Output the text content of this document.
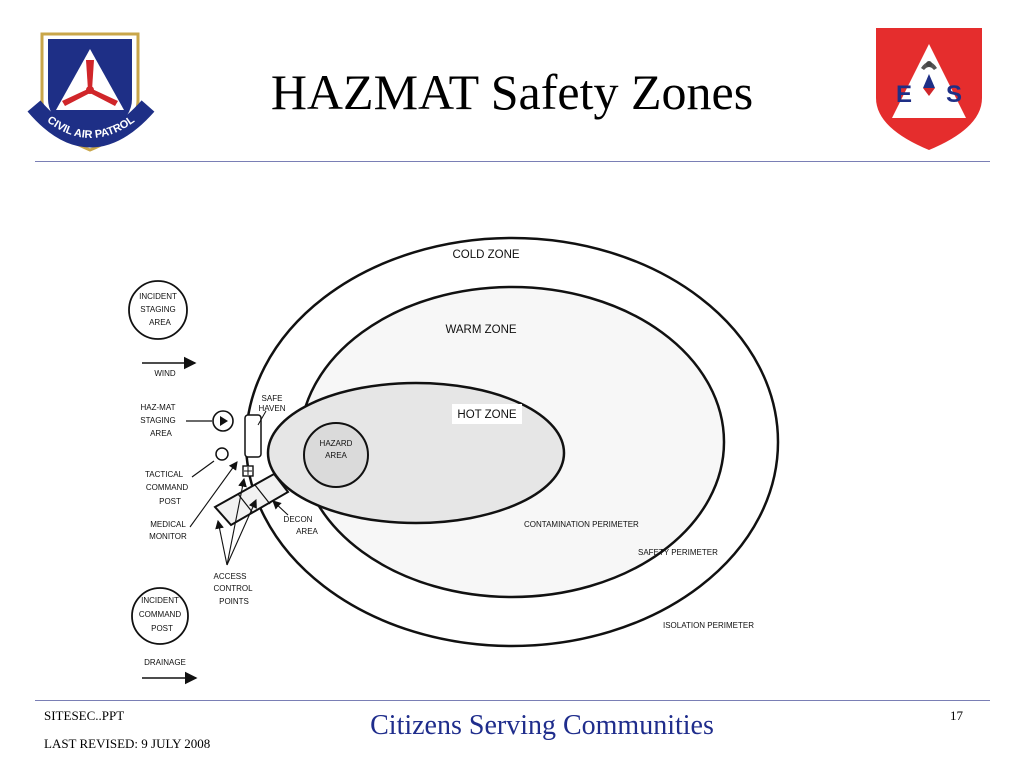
CIVIL AIR PATROL
HAZMAT Safety Zones	E S
COLD ZONE
WARM ZONE
HOT ZONE
HAZARD
AREA
CONTAMINATION PERIMETER
SAFETY PERIMETER
ISOLATION PERIMETER
INCIDENT
STAGING
AREA
WIND
HAZ-MAT
STAGING
AREA
TACTICAL
COMMAND
POST
SAFE
HAVEN
DECON
AREA
MEDICAL
MONITOR
ACCESS
CONTROL
POINTS
INCIDENT
COMMAND
POST
DRAINAGE
SITESEC..PPT
LAST REVISED: 9 JULY 2008
Citizens Serving Communities	17
